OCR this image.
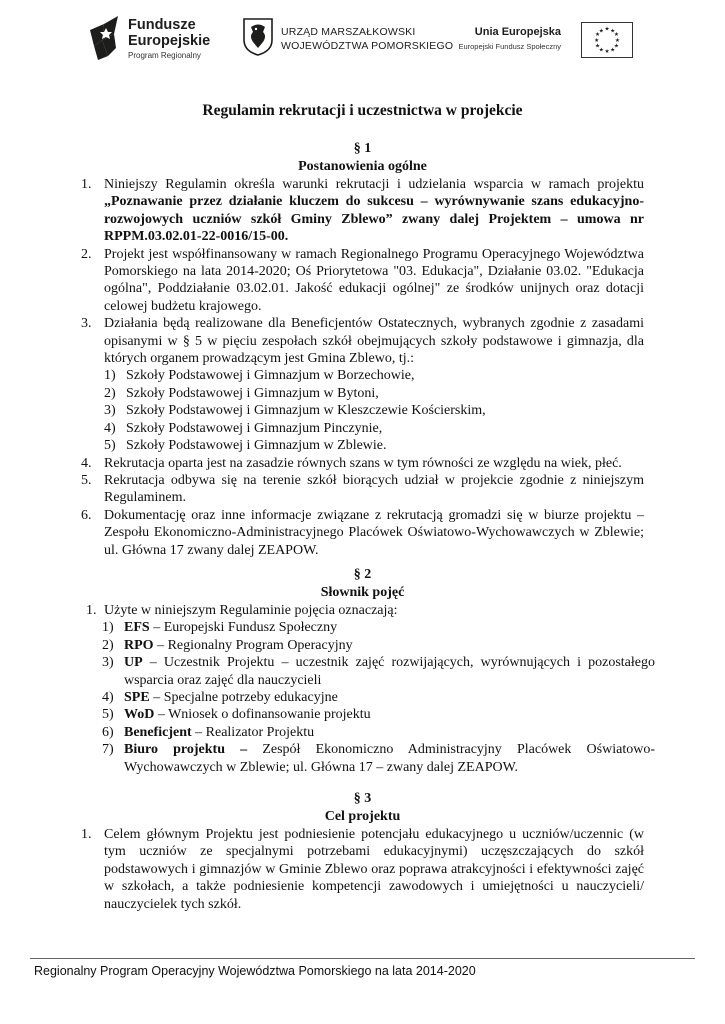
Fundusze
Europejskie
Program Regionalny
URZĄD MARSZAŁKOWSKI
WOJEWÓDZTWA POMORSKIEGO
Unia Europejska
Europejski Fundusz Społeczny
★ ★
★
★
★
★
★
★
★
★
★
★
Regulamin rekrutacji i uczestnictwa w projekcie
§ 1
Postanowienia ogólne
1. Niniejszy Regulamin określa warunki rekrutacji i udzielania wsparcia w ramach projektu „Poznawanie przez działanie kluczem do sukcesu – wyrównywanie szans edukacyjno-rozwojowych uczniów szkół Gminy Zblewo” zwany dalej Projektem – umowa nr RPPM.03.02.01-22-0016/15-00.
2. Projekt jest współfinansowany w ramach Regionalnego Programu Operacyjnego Województwa Pomorskiego na lata 2014-2020; Oś Priorytetowa "03. Edukacja", Działanie 03.02. "Edukacja ogólna", Poddziałanie 03.02.01. Jakość edukacji ogólnej" ze środków unijnych oraz dotacji celowej budżetu krajowego.
3. Działania będą realizowane dla Beneficjentów Ostatecznych, wybranych zgodnie z zasadami opisanymi w § 5 w pięciu zespołach szkół obejmujących szkoły podstawowe i gimnazja, dla których organem prowadzącym jest Gmina Zblewo, tj.:
1) Szkoły Podstawowej i Gimnazjum w Borzechowie,
2) Szkoły Podstawowej i Gimnazjum w Bytoni,
3) Szkoły Podstawowej i Gimnazjum w Kleszczewie Kościerskim,
4) Szkoły Podstawowej i Gimnazjum Pinczynie,
5) Szkoły Podstawowej i Gimnazjum w Zblewie.
4. Rekrutacja oparta jest na zasadzie równych szans w tym równości ze względu na wiek, płeć.
5. Rekrutacja odbywa się na terenie szkół biorących udział w projekcie zgodnie z niniejszym Regulaminem.
6. Dokumentację oraz inne informacje związane z rekrutacją gromadzi się w biurze projektu – Zespołu Ekonomiczno-Administracyjnego Placówek Oświatowo-Wychowawczych w Zblewie; ul. Główna 17 zwany dalej ZEAPOW.
§ 2
Słownik pojęć
1. Użyte w niniejszym Regulaminie pojęcia oznaczają:
1) EFS – Europejski Fundusz Społeczny
2) RPO – Regionalny Program Operacyjny
3) UP – Uczestnik Projektu – uczestnik zajęć rozwijających, wyrównujących i pozostałego wsparcia oraz zajęć dla nauczycieli
4) SPE – Specjalne potrzeby edukacyjne
5) WoD – Wniosek o dofinansowanie projektu
6) Beneficjent – Realizator Projektu
7) Biuro projektu – Zespół Ekonomiczno Administracyjny Placówek Oświatowo-Wychowawczych w Zblewie; ul. Główna 17 – zwany dalej ZEAPOW.
§ 3
Cel projektu
1. Celem głównym Projektu jest podniesienie potencjału edukacyjnego u uczniów/uczennic (w tym uczniów ze specjalnymi potrzebami edukacyjnymi) uczęszczających do szkół podstawowych i gimnazjów w Gminie Zblewo oraz poprawa atrakcyjności i efektywności zajęć w szkołach, a także podniesienie kompetencji zawodowych i umiejętności u nauczycieli/ nauczycielek tych szkół.
Regionalny Program Operacyjny Województwa Pomorskiego na lata 2014-2020
